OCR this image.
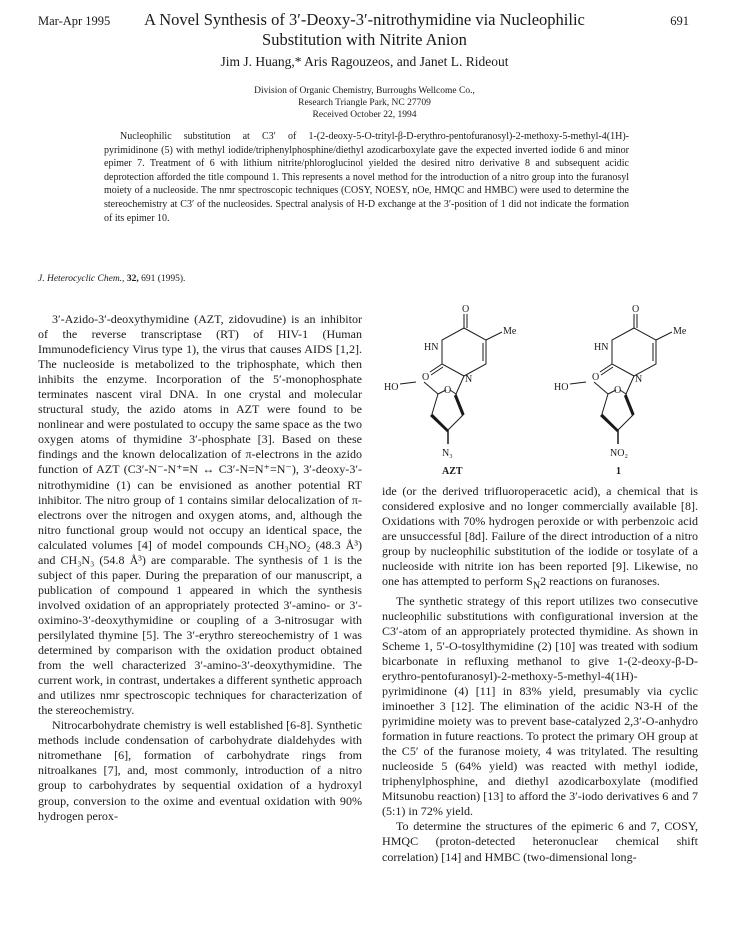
Mar-Apr 1995	691
A Novel Synthesis of 3′-Deoxy-3′-nitrothymidine via Nucleophilic
Substitution with Nitrite Anion
Jim J. Huang,* Aris Ragouzeos, and Janet L. Rideout
Division of Organic Chemistry, Burroughs Wellcome Co.,
Research Triangle Park, NC 27709
Received October 22, 1994
Nucleophilic substitution at C3′ of 1-(2-deoxy-5-O-trityl-β-D-erythro-pentofuranosyl)-2-methoxy-5-methyl-4(1H)-pyrimidinone (5) with methyl iodide/triphenylphosphine/diethyl azodicarboxylate gave the expected inverted iodide 6 and minor epimer 7. Treatment of 6 with lithium nitrite/phloroglucinol yielded the desired nitro derivative 8 and subsequent acidic deprotection afforded the title compound 1. This represents a novel method for the introduction of a nitro group into the furanosyl moiety of a nucleoside. The nmr spectroscopic techniques (COSY, NOESY, nOe, HMQC and HMBC) were used to determine the stereochemistry at C3′ of the nucleosides. Spectral analysis of H-D exchange at the 3′-position of 1 did not indicate the formation of its epimer 10.
J. Heterocyclic Chem., 32, 691 (1995).

3′-Azido-3′-deoxythymidine (AZT, zidovudine) is an inhibitor of the reverse transcriptase (RT) of HIV-1 (Human Immunodeficiency Virus type 1), the virus that causes AIDS [1,2]. The nucleoside is metabolized to the triphosphate, which then inhibits the enzyme. Incorporation of the 5′-monophosphate terminates nascent viral DNA. In one crystal and molecular structural study, the azido atoms in AZT were found to be nonlinear and were postulated to occupy the same space as the two oxygen atoms of thymidine 3′-phosphate [3]. Based on these findings and the known delocalization of π-electrons in the azido function of AZT (C3′-N⁻-N⁺≡N ↔ C3′-N=N⁺=N⁻), 3′-deoxy-3′-nitrothymidine (1) can be envisioned as another potential RT inhibitor. The nitro group of 1 contains similar delocalization of π-electrons over the nitrogen and oxygen atoms, and, although the nitro functional group would not occupy an identical space, the calculated volumes [4] of model compounds CH₃NO₂ (48.3 Å³) and CH₃N₃ (54.8 Å³) are comparable. The synthesis of 1 is the subject of this paper. During the preparation of our manuscript, a publication of compound 1 appeared in which the synthesis involved oxidation of an appropriately protected 3′-amino- or 3′-oximino-3′-deoxythymidine or coupling of a 3-nitrosugar with persilylated thymine [5]. The 3′-erythro stereochemistry of 1 was determined by comparison with the oxidation product obtained from the well characterized 3′-amino-3′-deoxythymidine. The current work, in contrast, undertakes a different synthetic approach and utilizes nmr spectroscopic techniques for characterization of the stereochemistry.

Nitrocarbohydrate chemistry is well established [6-8]. Synthetic methods include condensation of carbohydrate dialdehydes with nitromethane [6], formation of carbohydrate rings from nitroalkanes [7], and, most commonly, introduction of a nitro group to carbohydrates by sequential oxidation of a hydroxyl group, conversion to the oxime and eventual oxidation with 90% hydrogen perox-

O
Me
HN
O	N
HO	O
N₃
AZT
O
Me
HN
O	N
HO	O
NO₂
1

ide (or the derived trifluoroperacetic acid), a chemical that is considered explosive and no longer commercially available [8]. Oxidations with 70% hydrogen peroxide or with perbenzoic acid are unsuccessful [8d]. Failure of the direct introduction of a nitro group by nucleophilic substitution of the iodide or tosylate of a nucleoside with nitrite ion has been reported [9]. Likewise, no one has attempted to perform $S_N2$ reactions on furanoses.

The synthetic strategy of this report utilizes two consecutive nucleophilic substitutions with configurational inversion at the C3′-atom of an appropriately protected thymidine. As shown in Scheme 1, 5′-O-tosylthymidine (2) [10] was treated with sodium bicarbonate in refluxing methanol to give 1-(2-deoxy-β-D-erythro-pentofuranosyl)-2-methoxy-5-methyl-4(1H)-pyrimidinone (4) [11] in 83% yield, presumably via cyclic iminoether 3 [12]. The elimination of the acidic N3-H of the pyrimidine moiety was to prevent base-catalyzed 2,3′-O-anhydro formation in future reactions. To protect the primary OH group at the C5′ of the furanose moiety, 4 was tritylated. The resulting nucleoside 5 (64% yield) was reacted with methyl iodide, triphenylphosphine, and diethyl azodicarboxylate (modified Mitsunobu reaction) [13] to afford the 3′-iodo derivatives 6 and 7 (5:1) in 72% yield.

To determine the structures of the epimeric 6 and 7, COSY, HMQC (proton-detected heteronuclear chemical shift correlation) [14] and HMBC (two-dimensional long-
